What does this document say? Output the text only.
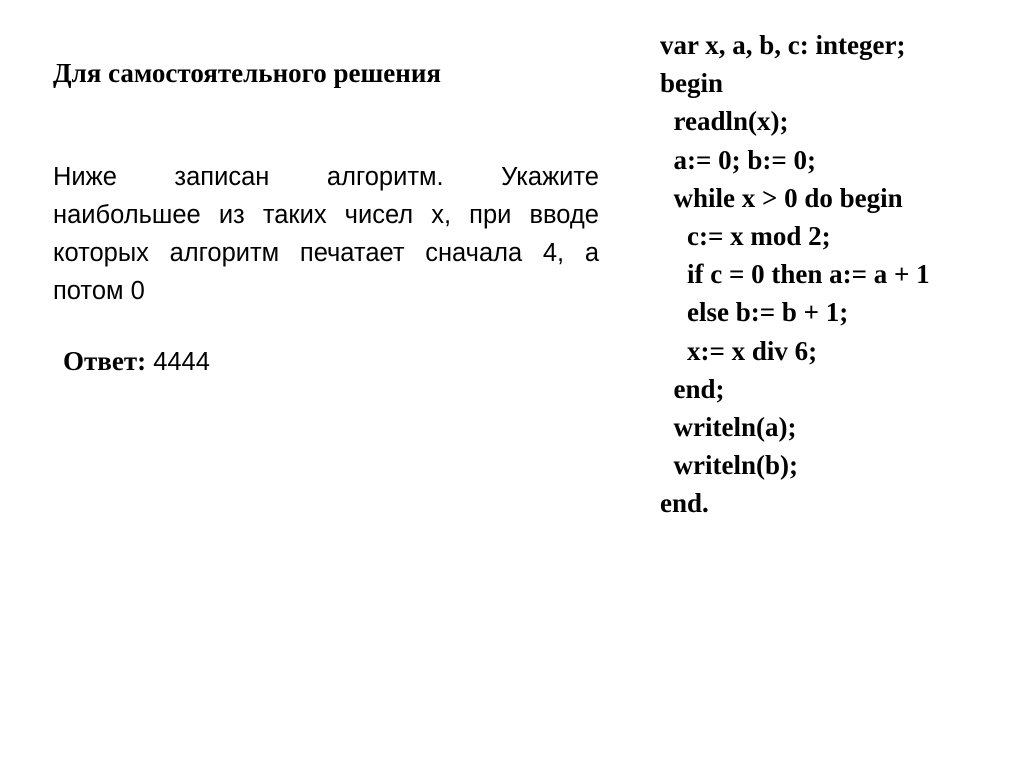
Для самостоятельного решения
Ниже записан алгоритм. Укажите наибольшее из таких чисел x, при вводе которых алгоритм печатает сначала 4, а потом 0
Ответ: 4444
var x, a, b, c: integer;
begin
readln(x);
a:= 0; b:= 0;
while x > 0 do begin
c:= x mod 2;
if c = 0 then a:= a + 1
else b:= b + 1;
x:= x div 6;
end;
writeln(a);
writeln(b);
end.
